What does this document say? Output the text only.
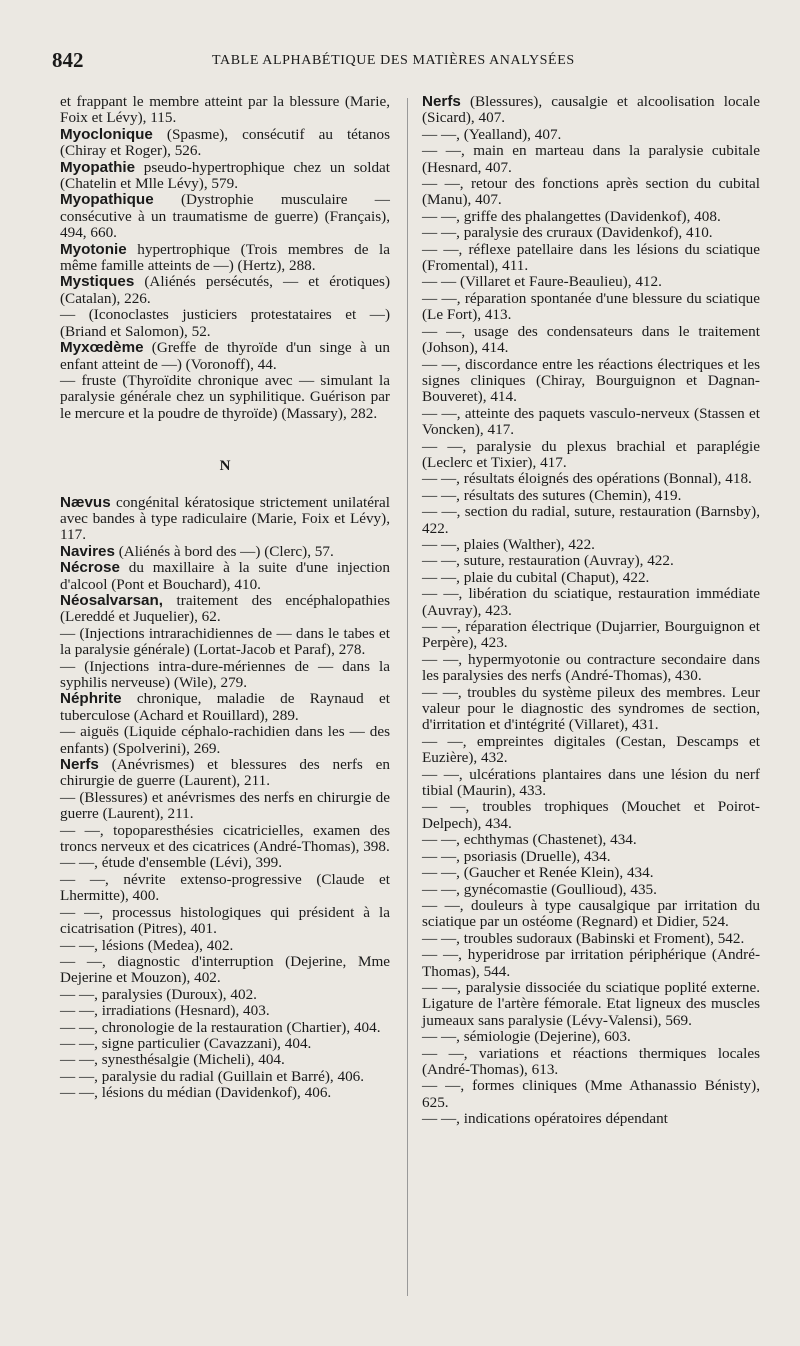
842	TABLE ALPHABÉTIQUE DES MATIÈRES ANALYSÉES

et frappant le membre atteint par la blessure (Marie, Foix et Lévy), 115.

Myoclonique (Spasme), consécutif au tétanos (Chiray et Roger), 526.

Myopathie pseudo-hypertrophique chez un soldat (Chatelin et Mlle Lévy), 579.

Myopathique (Dystrophie musculaire — consécutive à un traumatisme de guerre) (Français), 494, 660.

Myotonie hypertrophique (Trois membres de la même famille atteints de —) (Hertz), 288.

Mystiques (Aliénés persécutés, — et érotiques) (Catalan), 226.

— (Iconoclastes justiciers protestataires et —) (Briand et Salomon), 52.

Myxœdème (Greffe de thyroïde d'un singe à un enfant atteint de —) (Voronoff), 44.

— fruste (Thyroïdite chronique avec — simulant la paralysie générale chez un syphilitique. Guérison par le mercure et la poudre de thyroïde) (Massary), 282.

N

Nævus congénital kératosique strictement unilatéral avec bandes à type radiculaire (Marie, Foix et Lévy), 117.

Navires (Aliénés à bord des —) (Clerc), 57.

Nécrose du maxillaire à la suite d'une injection d'alcool (Pont et Bouchard), 410.

Néosalvarsan, traitement des encéphalopathies (Lereddé et Juquelier), 62.

— (Injections intrarachidiennes de — dans le tabes et la paralysie générale) (Lortat-Jacob et Paraf), 278.

— (Injections intra-dure-mériennes de — dans la syphilis nerveuse) (Wile), 279.

Néphrite chronique, maladie de Raynaud et tuberculose (Achard et Rouillard), 289.

— aiguës (Liquide céphalo-rachidien dans les — des enfants) (Spolverini), 269.

Nerfs (Anévrismes) et blessures des nerfs en chirurgie de guerre (Laurent), 211.

— (Blessures) et anévrismes des nerfs en chirurgie de guerre (Laurent), 211.

— —, topoparesthésies cicatricielles, examen des troncs nerveux et des cicatrices (André-Thomas), 398.

— —, étude d'ensemble (Lévi), 399.

— —, névrite extenso-progressive (Claude et Lhermitte), 400.

— —, processus histologiques qui président à la cicatrisation (Pitres), 401.

— —, lésions (Medea), 402.

— —, diagnostic d'interruption (Dejerine, Mme Dejerine et Mouzon), 402.

— —, paralysies (Duroux), 402.

— —, irradiations (Hesnard), 403.

— —, chronologie de la restauration (Chartier), 404.

— —, signe particulier (Cavazzani), 404.

— —, synesthésalgie (Micheli), 404.

— —, paralysie du radial (Guillain et Barré), 406.

— —, lésions du médian (Davidenkof), 406.

Nerfs (Blessures), causalgie et alcoolisation locale (Sicard), 407.

— —, (Yealland), 407.

— —, main en marteau dans la paralysie cubitale (Hesnard, 407.

— —, retour des fonctions après section du cubital (Manu), 407.

— —, griffe des phalangettes (Davidenkof), 408.

— —, paralysie des cruraux (Davidenkof), 410.

— —, réflexe patellaire dans les lésions du sciatique (Fromental), 411.

— — (Villaret et Faure-Beaulieu), 412.

— —, réparation spontanée d'une blessure du sciatique (Le Fort), 413.

— —, usage des condensateurs dans le traitement (Johson), 414.

— —, discordance entre les réactions électriques et les signes cliniques (Chiray, Bourguignon et Dagnan-Bouveret), 414.

— —, atteinte des paquets vasculo-nerveux (Stassen et Voncken), 417.

— —, paralysie du plexus brachial et paraplégie (Leclerc et Tixier), 417.

— —, résultats éloignés des opérations (Bonnal), 418.

— —, résultats des sutures (Chemin), 419.

— —, section du radial, suture, restauration (Barnsby), 422.

— —, plaies (Walther), 422.

— —, suture, restauration (Auvray), 422.

— —, plaie du cubital (Chaput), 422.

— —, libération du sciatique, restauration immédiate (Auvray), 423.

— —, réparation électrique (Dujarrier, Bourguignon et Perpère), 423.

— —, hypermyotonie ou contracture secondaire dans les paralysies des nerfs (André-Thomas), 430.

— —, troubles du système pileux des membres. Leur valeur pour le diagnostic des syndromes de section, d'irritation et d'intégrité (Villaret), 431.

— —, empreintes digitales (Cestan, Descamps et Euzière), 432.

— —, ulcérations plantaires dans une lésion du nerf tibial (Maurin), 433.

— —, troubles trophiques (Mouchet et Poirot-Delpech), 434.

— —, echthymas (Chastenet), 434.

— —, psoriasis (Druelle), 434.

— —, (Gaucher et Renée Klein), 434.

— —, gynécomastie (Goullioud), 435.

— —, douleurs à type causalgique par irritation du sciatique par un ostéome (Regnard) et Didier, 524.

— —, troubles sudoraux (Babinski et Froment), 542.

— —, hyperidrose par irritation périphérique (André-Thomas), 544.

— —, paralysie dissociée du sciatique poplité externe. Ligature de l'artère fémorale. Etat ligneux des muscles jumeaux sans paralysie (Lévy-Valensi), 569.

— —, sémiologie (Dejerine), 603.

— —, variations et réactions thermiques locales (André-Thomas), 613.

— —, formes cliniques (Mme Athanassio Bénisty), 625.

— —, indications opératoires dépendant
